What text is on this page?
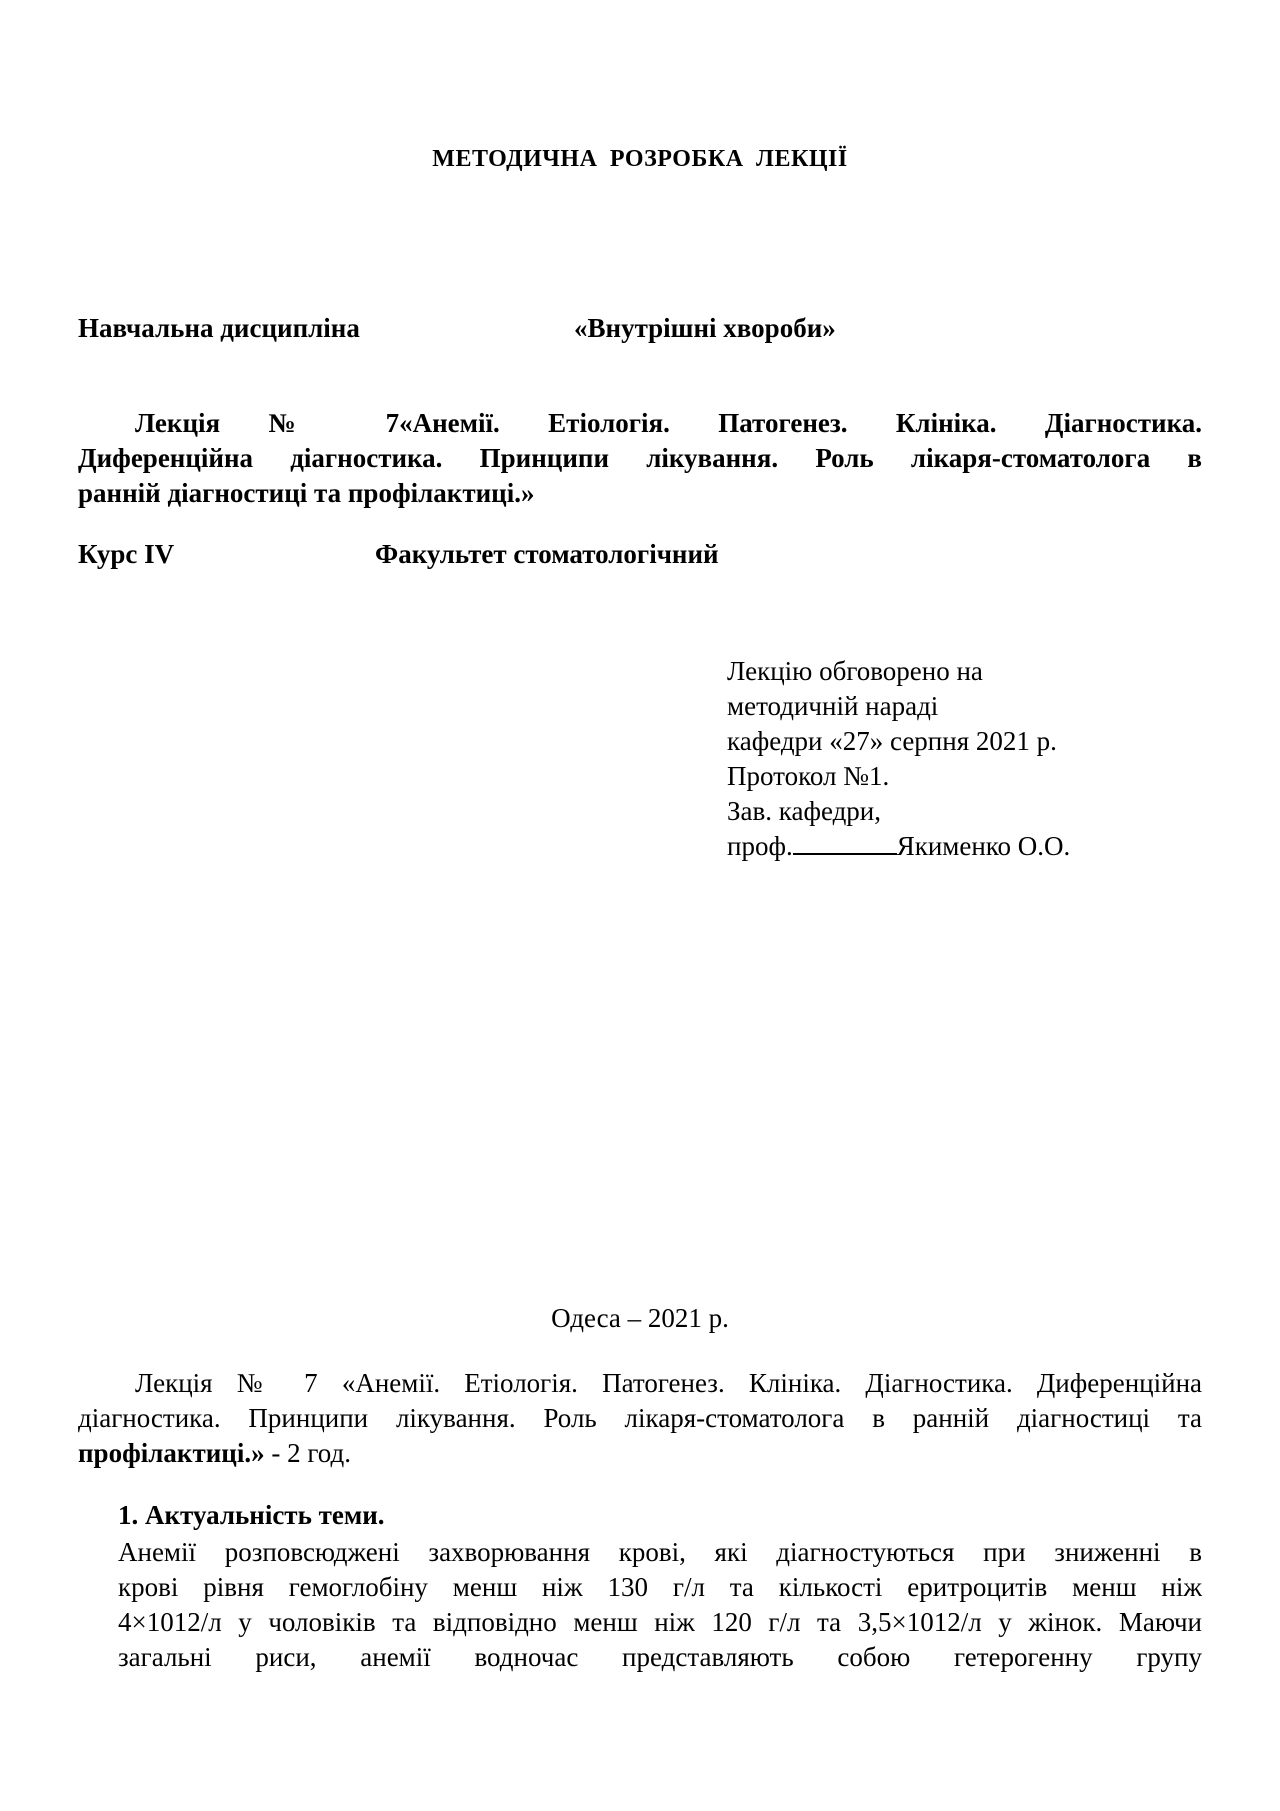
МЕТОДИЧНА РОЗРОБКА ЛЕКЦІЇ
Навчальна дисципліна	«Внутрішні хвороби»
Лекція № 7«Анемії. Етіологія. Патогенез. Клініка. Діагностика.
Диференційна діагностика. Принципи лікування. Роль лікаря-стоматолога в
ранній діагностиці та профілактиці.»
Курс IV	Факультет стоматологічний
Лекцію обговорено на
методичній нараді
кафедри «27» серпня 2021 р.
Протокол №1.
Зав. кафедри,
проф.	Якименко О.О.
Одеса – 2021 р.
Лекція № 7 «Анемії. Етіологія. Патогенез. Клініка. Діагностика. Диференційна
діагностика. Принципи лікування. Роль лікаря-стоматолога в ранній діагностиці та
профілактиці.» - 2 год.
1. Актуальність теми.
Анемії розповсюджені захворювання крові, які діагностуються при зниженні в
крові рівня гемоглобіну менш ніж 130 г/л та кількості еритроцитів менш ніж
4×1012/л у чоловіків та відповідно менш ніж 120 г/л та 3,5×1012/л у жінок. Маючи
загальні риси, анемії водночас представляють собою гетерогенну групу
